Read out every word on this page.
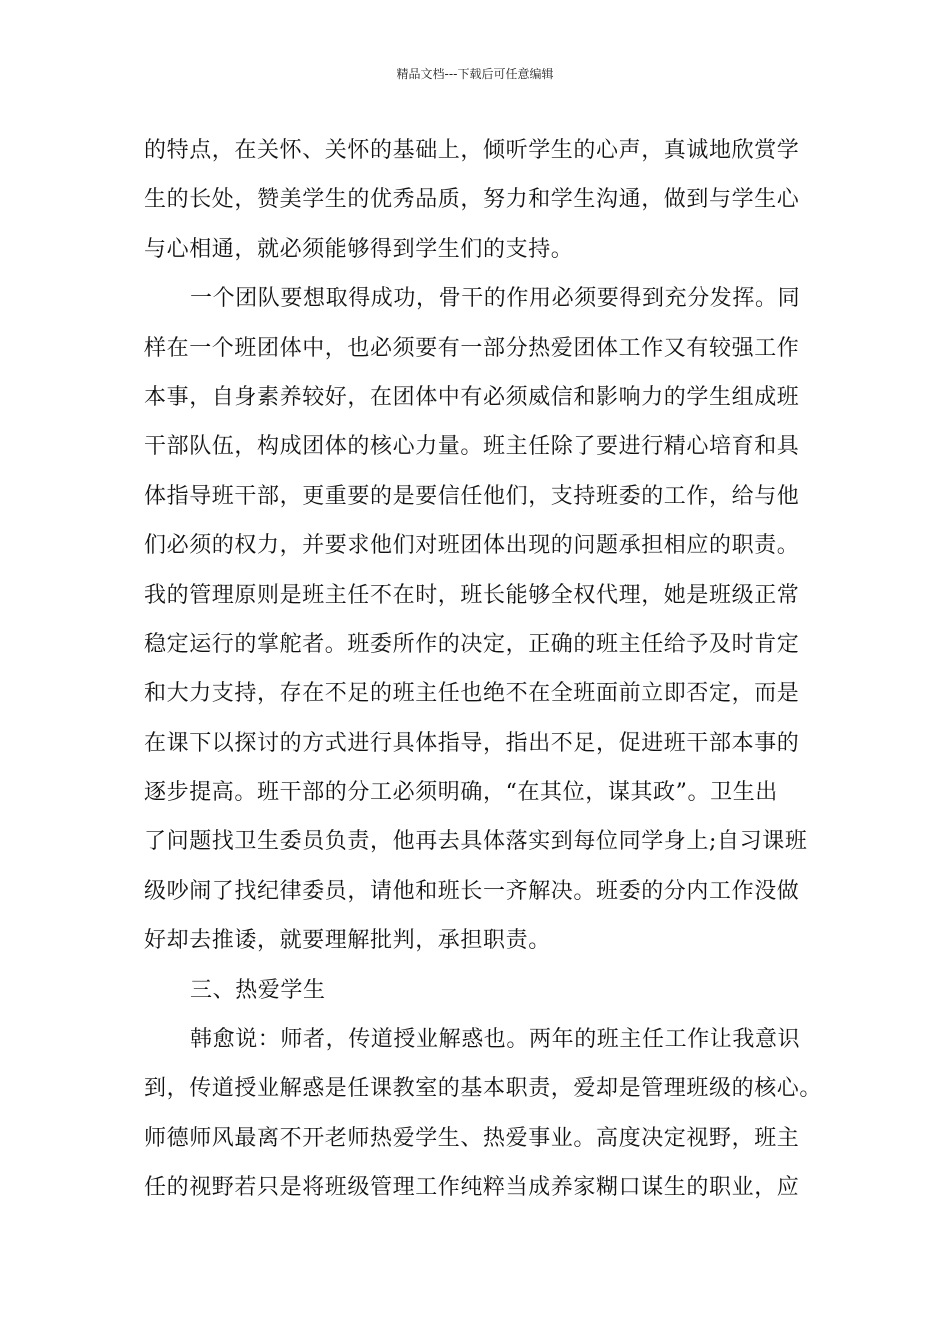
精品文档---下载后可任意编辑
的特点，在关怀、关怀的基础上，倾听学生的心声，真诚地欣赏学
生的长处，赞美学生的优秀品质，努力和学生沟通，做到与学生心
与心相通，就必须能够得到学生们的支持。
一个团队要想取得成功，骨干的作用必须要得到充分发挥。同
样在一个班团体中，也必须要有一部分热爱团体工作又有较强工作
本事，自身素养较好，在团体中有必须威信和影响力的学生组成班
干部队伍，构成团体的核心力量。班主任除了要进行精心培育和具
体指导班干部，更重要的是要信任他们，支持班委的工作，给与他
们必须的权力，并要求他们对班团体出现的问题承担相应的职责。
我的管理原则是班主任不在时，班长能够全权代理，她是班级正常
稳定运行的掌舵者。班委所作的决定，正确的班主任给予及时肯定
和大力支持，存在不足的班主任也绝不在全班面前立即否定，而是
在课下以探讨的方式进行具体指导，指出不足，促进班干部本事的
逐步提高。班干部的分工必须明确，“在其位，谋其政”。卫生出
了问题找卫生委员负责，他再去具体落实到每位同学身上;自习课班
级吵闹了找纪律委员，请他和班长一齐解决。班委的分内工作没做
好却去推诿，就要理解批判，承担职责。
三、热爱学生
韩愈说：师者，传道授业解惑也。两年的班主任工作让我意识
到，传道授业解惑是任课教室的基本职责，爱却是管理班级的核心。
师德师风最离不开老师热爱学生、热爱事业。高度决定视野，班主
任的视野若只是将班级管理工作纯粹当成养家糊口谋生的职业，应
